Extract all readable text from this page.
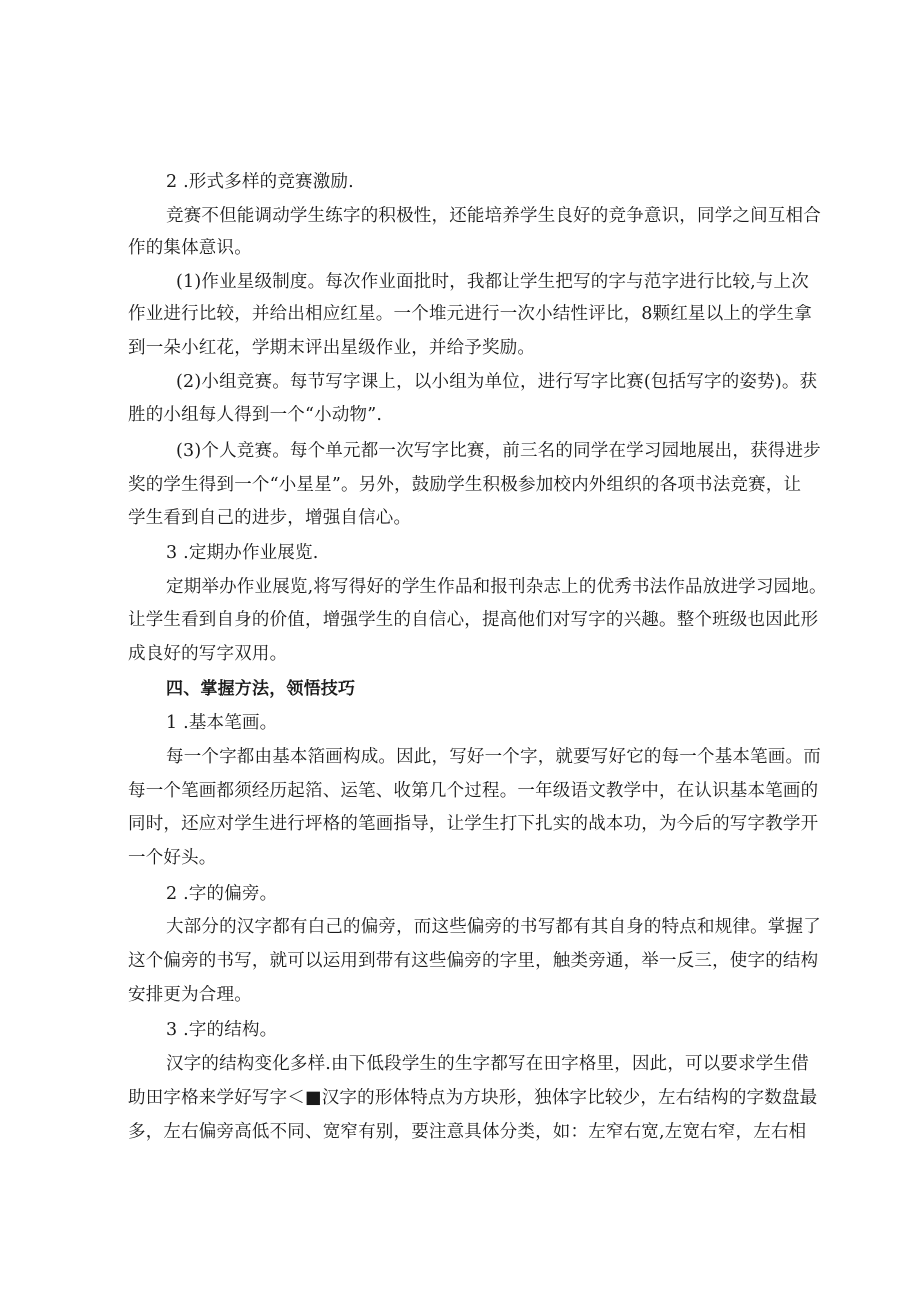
2 .形式多样的竞赛激励.
竞赛不但能调动学生练字的积极性，还能培养学生良好的竞争意识，同学之间互相合
作的集体意识。
(1)作业星级制度。每次作业面批时，我都让学生把写的字与范字进行比较,与上次
作业进行比较，并给出相应红星。一个堆元进行一次小结性评比，8颗红星以上的学生拿
到一朵小红花，学期末评出星级作业，并给予奖励。
(2)小组竞赛。每节写字课上，以小组为单位，进行写字比赛(包括写字的姿势)。获
胜的小组每人得到一个“小动物”.
(3)个人竞赛。每个单元都一次写字比赛，前三名的同学在学习园地展出，获得进步
奖的学生得到一个“小星星”。另外，鼓励学生积极参加校内外组织的各项书法竞赛，让
学生看到自己的进步，增强自信心。
3 .定期办作业展览.
定期举办作业展览,将写得好的学生作品和报刊杂志上的优秀书法作品放进学习园地。
让学生看到自身的价值，增强学生的自信心，提高他们对写字的兴趣。整个班级也因此形
成良好的写字双用。
四、掌握方法，领悟技巧
1 .基本笔画。
每一个字都由基本箔画构成。因此，写好一个字，就要写好它的每一个基本笔画。而
每一个笔画都须经历起箔、运笔、收第几个过程。一年级语文教学中，在认识基本笔画的
同时，还应对学生进行坪格的笔画指导，让学生打下扎实的战本功，为今后的写字教学开
一个好头。
2 .字的偏旁。
大部分的汉字都有白己的偏旁，而这些偏旁的书写都有其自身的特点和规律。掌握了
这个偏旁的书写，就可以运用到带有这些偏旁的字里，触类旁通，举一反三，使字的结构
安排更为合理。
3 .字的结构。
汉字的结构变化多样.由下低段学生的生字都写在田字格里，因此，可以要求学生借
助田字格来学好写字＜■汉字的形体特点为方块形，独体字比较少，左右结构的字数盘最
多，左右偏旁高低不同、宽窄有别，要注意具体分类，如：左窄右宽,左宽右窄，左右相
